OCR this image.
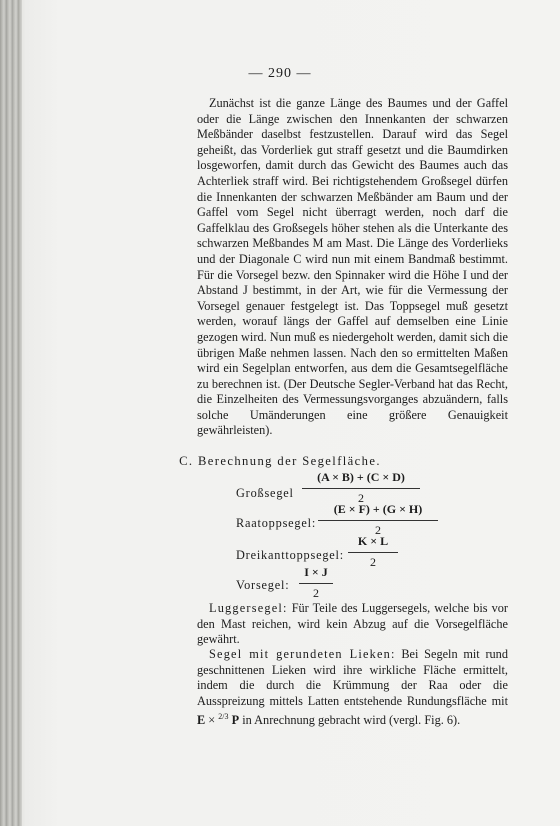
— 290 —

Zunächst ist die ganze Länge des Baumes und der Gaffel oder die Länge zwischen den Innenkanten der schwarzen Meßbänder daselbst festzustellen. Darauf wird das Segel geheißt, das Vorderliek gut straff gesetzt und die Baumdirken losgeworfen, damit durch das Gewicht des Baumes auch das Achterliek straff wird. Bei richtigstehendem Großsegel dürfen die Innenkanten der schwarzen Meßbänder am Baum und der Gaffel vom Segel nicht überragt werden, noch darf die Gaffelklau des Großsegels höher stehen als die Unterkante des schwarzen Meßbandes M am Mast. Die Länge des Vorderlieks und der Diagonale C wird nun mit einem Bandmaß bestimmt. Für die Vorsegel bezw. den Spinnaker wird die Höhe I und der Abstand J bestimmt, in der Art, wie für die Vermessung der Vorsegel genauer festgelegt ist. Das Toppsegel muß gesetzt werden, worauf längs der Gaffel auf demselben eine Linie gezogen wird. Nun muß es niedergeholt werden, damit sich die übrigen Maße nehmen lassen. Nach den so ermittelten Maßen wird ein Segelplan entworfen, aus dem die Gesamtsegelfläche zu berechnen ist. (Der Deutsche Segler-Verband hat das Recht, die Einzelheiten des Vermessungsvorganges abzuändern, falls solche Umänderungen eine größere Genauigkeit gewährleisten).

C. Berechnung der Segelfläche.
Großsegel
(A × B) + (C × D)
2
Raatoppsegel:
(E × F) + (G × H)
2
Dreikanttoppsegel:
K × L
2
Vorsegel:
I × J
2

Luggersegel: Für Teile des Luggersegels, welche bis vor den Mast reichen, wird kein Abzug auf die Vorsegelfläche gewährt.

Segel mit gerundeten Lieken: Bei Segeln mit rund geschnittenen Lieken wird ihre wirkliche Fläche ermittelt, indem die durch die Krümmung der Raa oder die Ausspreizung mittels Latten entstehende Rundungsfläche mit E × $^{2/3}$ P in Anrechnung gebracht wird (vergl. Fig. 6).
